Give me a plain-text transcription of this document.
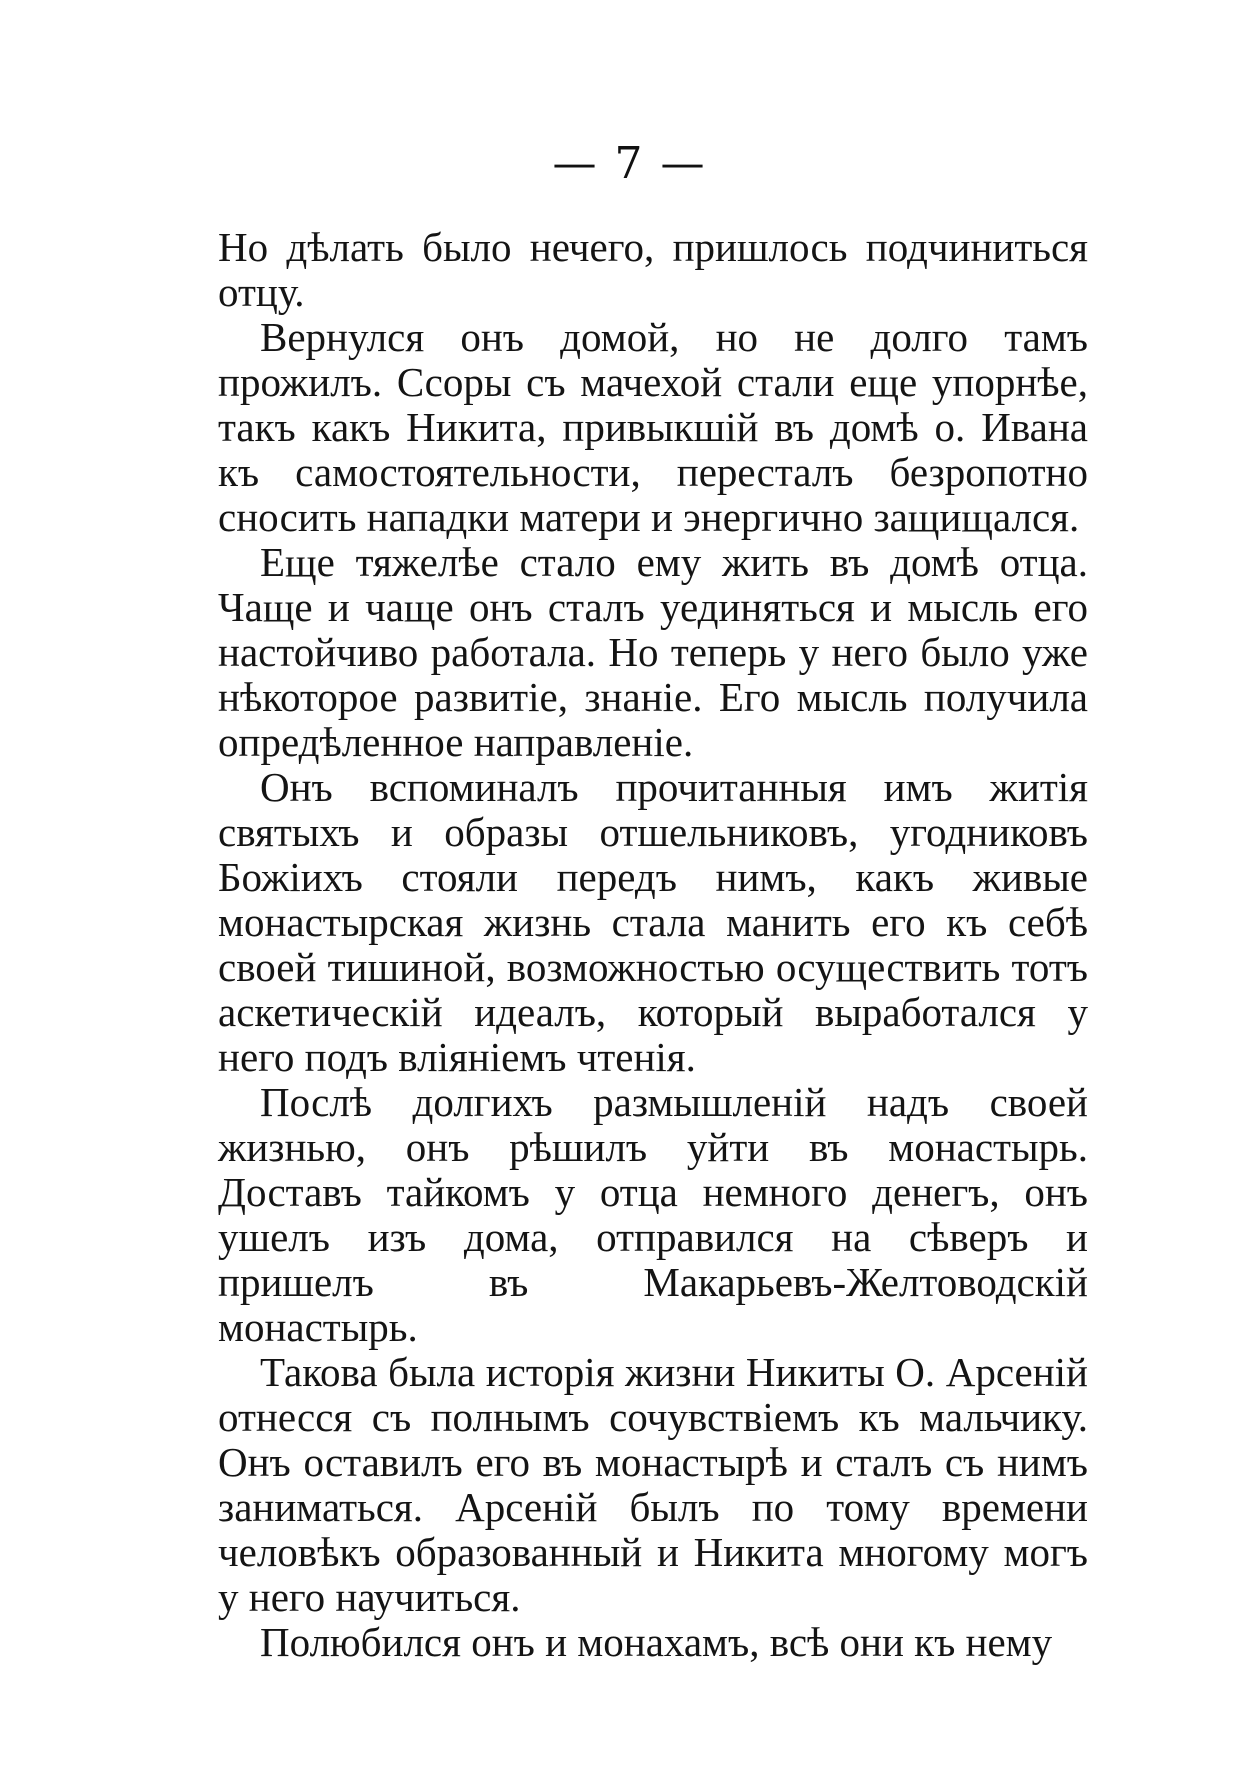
— 7 —

Но дѣлать было нечего, пришлось подчиниться отцу.

Вернулся онъ домой, но не долго тамъ прожилъ. Ссоры съ мачехой стали еще упорнѣе, такъ какъ Никита, привыкшій въ домѣ о. Ивана къ самостоятельности, пересталъ безропотно сносить нападки матери и энергично защищался.

Еще тяжелѣе стало ему жить въ домѣ отца. Чаще и чаще онъ сталъ уединяться и мысль его настойчиво работала. Но теперь у него было уже нѣкоторое развитіе, знаніе. Его мысль получила опредѣленное направленіе.

Онъ вспоминалъ прочитанныя имъ житія святыхъ и образы отшельниковъ, угодниковъ Божіихъ стояли передъ нимъ, какъ живые монастырская жизнь стала манить его къ себѣ своей тишиной, возможностью осуществить тотъ аскетическій идеалъ, который выработался у него подъ вліяніемъ чтенія.

Послѣ долгихъ размышленій надъ своей жизнью, онъ рѣшилъ уйти въ монастырь. Доставъ тайкомъ у отца немного денегъ, онъ ушелъ изъ дома, отправился на сѣверъ и пришелъ въ Макарьевъ-Желтоводскій монастырь.

Такова была исторія жизни Никиты О. Арсеній отнесся съ полнымъ сочувствіемъ къ мальчику. Онъ оставилъ его въ монастырѣ и сталъ съ нимъ заниматься. Арсеній былъ по тому времени человѣкъ образованный и Никита многому могъ у него научиться.

Полюбился онъ и монахамъ, всѣ они къ нему
